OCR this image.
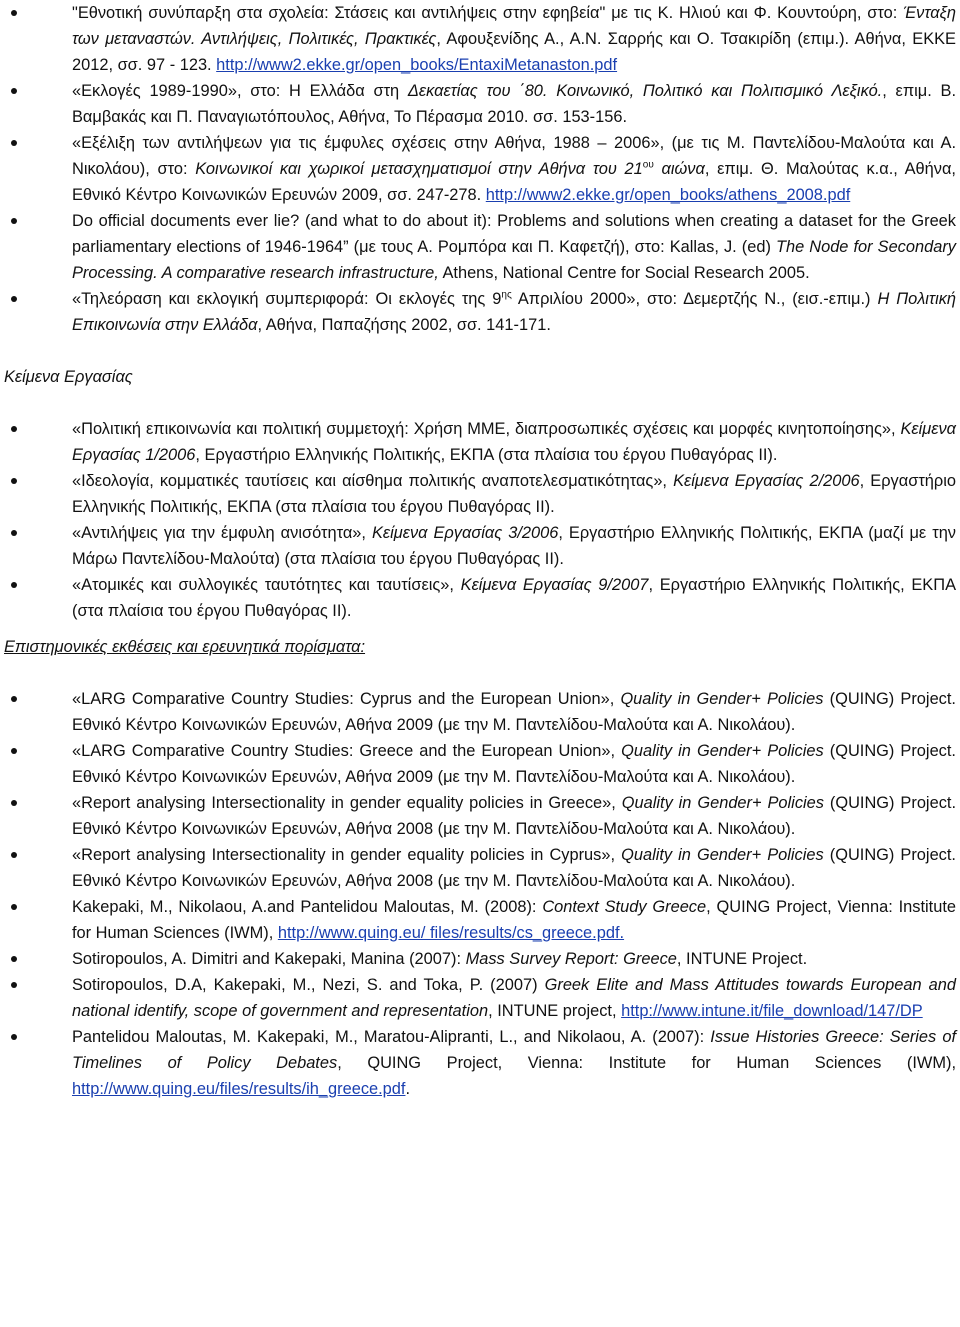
"Εθνοτική συνύπαρξη στα σχολεία: Στάσεις και αντιλήψεις στην εφηβεία" με τις Κ. Ηλιού και Φ. Κουντούρη, στο: Ένταξη των μεταναστών. Αντιλήψεις, Πολιτικές, Πρακτικές, Αφουξενίδης Α., Α.Ν. Σαρρής και Ο. Τσακιρίδη (επιμ.). Αθήνα, ΕΚΚΕ 2012, σσ. 97 - 123. http://www2.ekke.gr/open_books/EntaxiMetanaston.pdf
«Εκλογές 1989-1990», στο: Η Ελλάδα στη Δεκαετίας του ΄80. Κοινωνικό, Πολιτικό και Πολιτισμικό Λεξικό., επιμ. Β. Βαμβακάς και Π. Παναγιωτόπουλος, Αθήνα, Το Πέρασμα 2010. σσ. 153-156.
«Εξέλιξη των αντιλήψεων για τις έμφυλες σχέσεις στην Αθήνα, 1988 – 2006», (με τις Μ. Παντελίδου-Μαλούτα και Α. Νικολάου), στο: Κοινωνικοί και χωρικοί μετασχηματισμοί στην Αθήνα του $21^{o\upsilon}$ αιώνα, επιμ. Θ. Μαλούτας κ.α., Αθήνα, Εθνικό Κέντρο Κοινωνικών Ερευνών 2009, σσ. 247-278. http://www2.ekke.gr/open_books/athens_2008.pdf
Do official documents ever lie? (and what to do about it): Problems and solutions when creating a dataset for the Greek parliamentary elections of 1946-1964” (με τους Α. Ρομπόρα και Π. Καφετζή), στο: Kallas, J. (ed) The Node for Secondary Processing. A comparative research infrastructure, Athens, National Centre for Social Research 2005.
«Τηλεόραση και εκλογική συμπεριφορά: Οι εκλογές της $9^{\eta\varsigma}$ Απριλίου 2000», στο: Δεμερτζής Ν., (εισ.-επιμ.) Η Πολιτική Επικοινωνία στην Ελλάδα, Αθήνα, Παπαζήσης 2002, σσ. 141-171.
Κείμενα Εργασίας
«Πολιτική επικοινωνία και πολιτική συμμετοχή: Χρήση ΜΜΕ, διαπροσωπικές σχέσεις και μορφές κινητοποίησης», Κείμενα Εργασίας 1/2006, Εργαστήριο Ελληνικής Πολιτικής, ΕΚΠΑ (στα πλαίσια του έργου Πυθαγόρας ΙΙ).
«Ιδεολογία, κομματικές ταυτίσεις και αίσθημα πολιτικής αναποτελεσματικότητας», Κείμενα Εργασίας 2/2006, Εργαστήριο Ελληνικής Πολιτικής, ΕΚΠΑ (στα πλαίσια του έργου Πυθαγόρας ΙΙ).
«Αντιλήψεις για την έμφυλη ανισότητα», Κείμενα Εργασίας 3/2006, Εργαστήριο Ελληνικής Πολιτικής, ΕΚΠΑ (μαζί με την Μάρω Παντελίδου-Μαλούτα) (στα πλαίσια του έργου Πυθαγόρας ΙΙ).
«Ατομικές και συλλογικές ταυτότητες και ταυτίσεις», Κείμενα Εργασίας 9/2007, Εργαστήριο Ελληνικής Πολιτικής, ΕΚΠΑ (στα πλαίσια του έργου Πυθαγόρας ΙΙ).
Επιστημονικές εκθέσεις και ερευνητικά πορίσματα:
«LARG Comparative Country Studies: Cyprus and the European Union», Quality in Gender+ Policies (QUING) Project. Εθνικό Κέντρο Κοινωνικών Ερευνών, Αθήνα 2009 (με την Μ. Παντελίδου-Μαλούτα και Α. Νικολάου).
«LARG Comparative Country Studies: Greece and the European Union», Quality in Gender+ Policies (QUING) Project. Εθνικό Κέντρο Κοινωνικών Ερευνών, Αθήνα 2009 (με την Μ. Παντελίδου-Μαλούτα και Α. Νικολάου).
«Report analysing Intersectionality in gender equality policies in Greece», Quality in Gender+ Policies (QUING) Project. Εθνικό Κέντρο Κοινωνικών Ερευνών, Αθήνα 2008 (με την Μ. Παντελίδου-Μαλούτα και Α. Νικολάου).
«Report analysing Intersectionality in gender equality policies in Cyprus», Quality in Gender+ Policies (QUING) Project. Εθνικό Κέντρο Κοινωνικών Ερευνών, Αθήνα 2008 (με την Μ. Παντελίδου-Μαλούτα και Α. Νικολάου).
Kakepaki, M., Nikolaou, A.and Pantelidou Maloutas, M. (2008): Context Study Greece, QUING Project, Vienna: Institute for Human Sciences (IWM), http://www.quing.eu/ files/results/cs_greece.pdf.
Sotiropoulos, A. Dimitri and Kakepaki, Manina (2007): Mass Survey Report: Greece, INTUNE Project.
Sotiropoulos, D.A, Kakepaki, M., Nezi, S. and Toka, P. (2007) Greek Elite and Mass Attitudes towards European and national identify, scope of government and representation, INTUNE project, http://www.intune.it/file_download/147/DP
Pantelidou Maloutas, M. Kakepaki, M., Maratou-Alipranti, L., and Nikolaou, A. (2007): Issue Histories Greece: Series of Timelines of Policy Debates, QUING Project, Vienna: Institute for Human Sciences (IWM), http://www.quing.eu/files/results/ih_greece.pdf.
